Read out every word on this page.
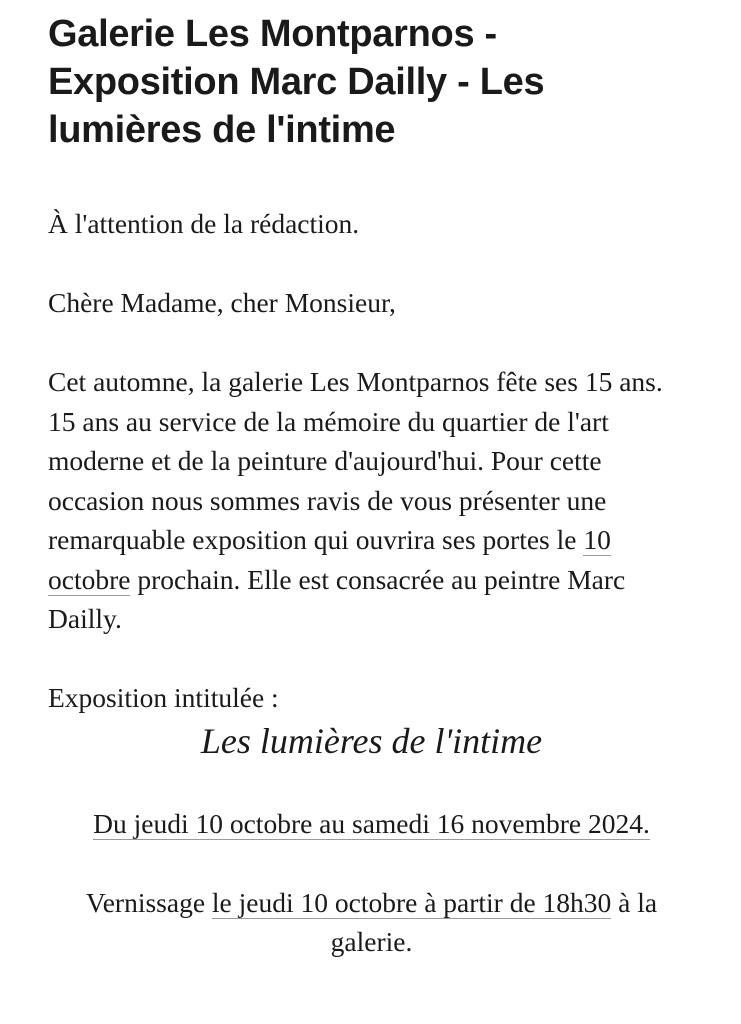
Galerie Les Montparnos - Exposition Marc Dailly - Les lumières de l'intime

À l'attention de la rédaction.

Chère Madame, cher Monsieur,

Cet automne, la galerie Les Montparnos fête ses 15 ans. 15 ans au service de la mémoire du quartier de l'art moderne et de la peinture d'aujourd'hui. Pour cette occasion nous sommes ravis de vous présenter une remarquable exposition qui ouvrira ses portes le 10 octobre prochain. Elle est consacrée au peintre Marc Dailly.

Exposition intitulée :

Les lumières de l'intime

Du jeudi 10 octobre au samedi 16 novembre 2024.

Vernissage le jeudi 10 octobre à partir de 18h30 à la galerie.
